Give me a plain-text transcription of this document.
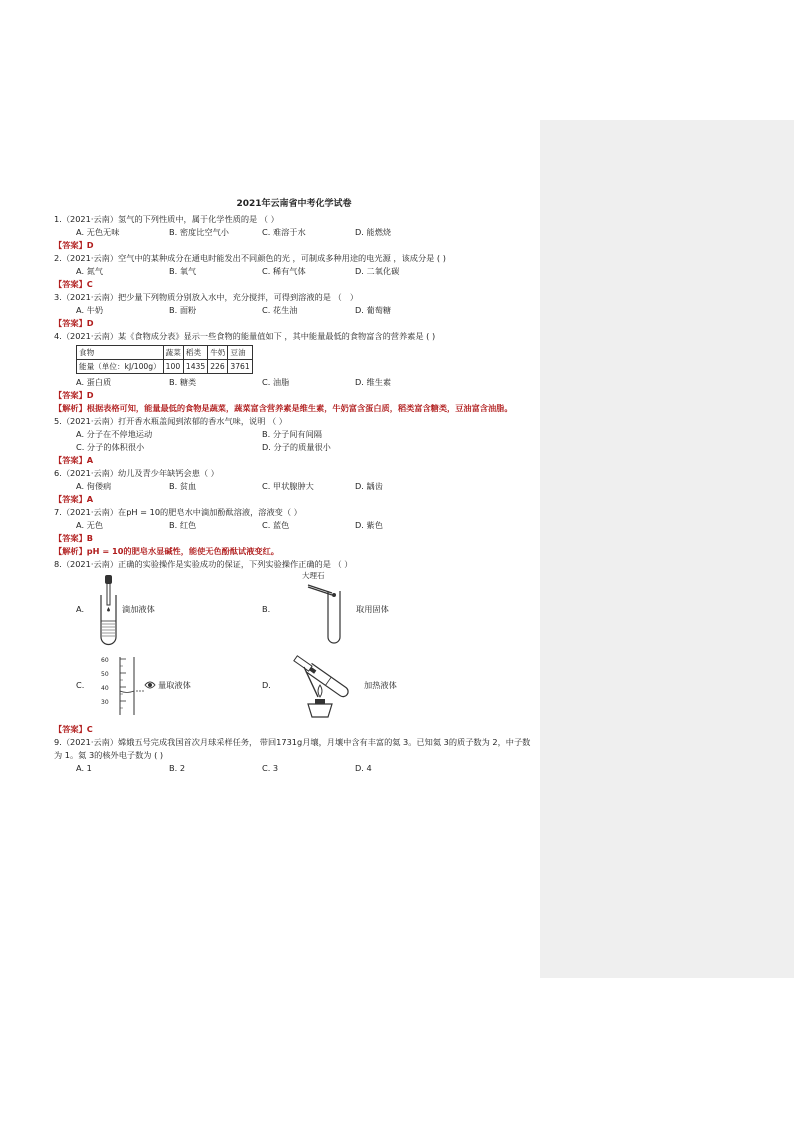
2021年云南省中考化学试卷
1.（2021·云南）氢气的下列性质中，属于化学性质的是 （ ）
A. 无色无味	B. 密度比空气小	C. 难溶于水	D. 能燃烧
【答案】D
2.（2021·云南）空气中的某种成分在通电时能发出不同颜色的光 ，可制成多种用途的电光源 ，该成分是 ( )
A. 氮气	B. 氧气	C. 稀有气体	D. 二氧化碳
【答案】C
3.（2021·云南）把少量下列物质分别放入水中，充分搅拌，可得到溶液的是 （　）
A. 牛奶	B. 面粉	C. 花生油	D. 葡萄糖
【答案】D
4.（2021·云南）某《食物成分表》显示一些食物的能量值如下 ，其中能量最低的食物富含的营养素是 ( )
食物	蔬菜	稻类	牛奶	豆油
能量（单位：kJ/100g）	100	1435	226	3761
A. 蛋白质	B. 糖类	C. 油脂	D. 维生素
【答案】D
【解析】根据表格可知，能量最低的食物是蔬菜，蔬菜富含营养素是维生素，牛奶富含蛋白质，稻类富含糖类，豆油富含油脂。
5.（2021·云南）打开香水瓶盖闻到浓郁的香水气味，说明 （ ）
A. 分子在不停地运动	B. 分子间有间隔
C. 分子的体积很小	D. 分子的质量很小
【答案】A
6.（2021·云南）幼儿及青少年缺钙会患（ ）
A. 佝偻病	B. 贫血	C. 甲状腺肿大	D. 龋齿
【答案】A
7.（2021·云南）在pH = 10的肥皂水中滴加酚酞溶液，溶液变（ ）
A. 无色	B. 红色	C. 蓝色	D. 紫色
【答案】B
【解析】pH = 10的肥皂水显碱性，能使无色酚酞试液变红。
8.（2021·云南）正确的实验操作是实验成功的保证，下列实验操作正确的是 （ ）
A.	滴加液体	B.
大理石
取用固体
C.
60
50
40
30
量取液体	D.	加热液体
【答案】C
9.（2021·云南）嫦娥五号完成我国首次月球采样任务， 带回1731g月壤，月壤中含有丰富的氦 3。已知氦 3的质子数为 2，中子数为 1。氦 3的核外电子数为 ( )
A. 1	B. 2	C. 3	D. 4
